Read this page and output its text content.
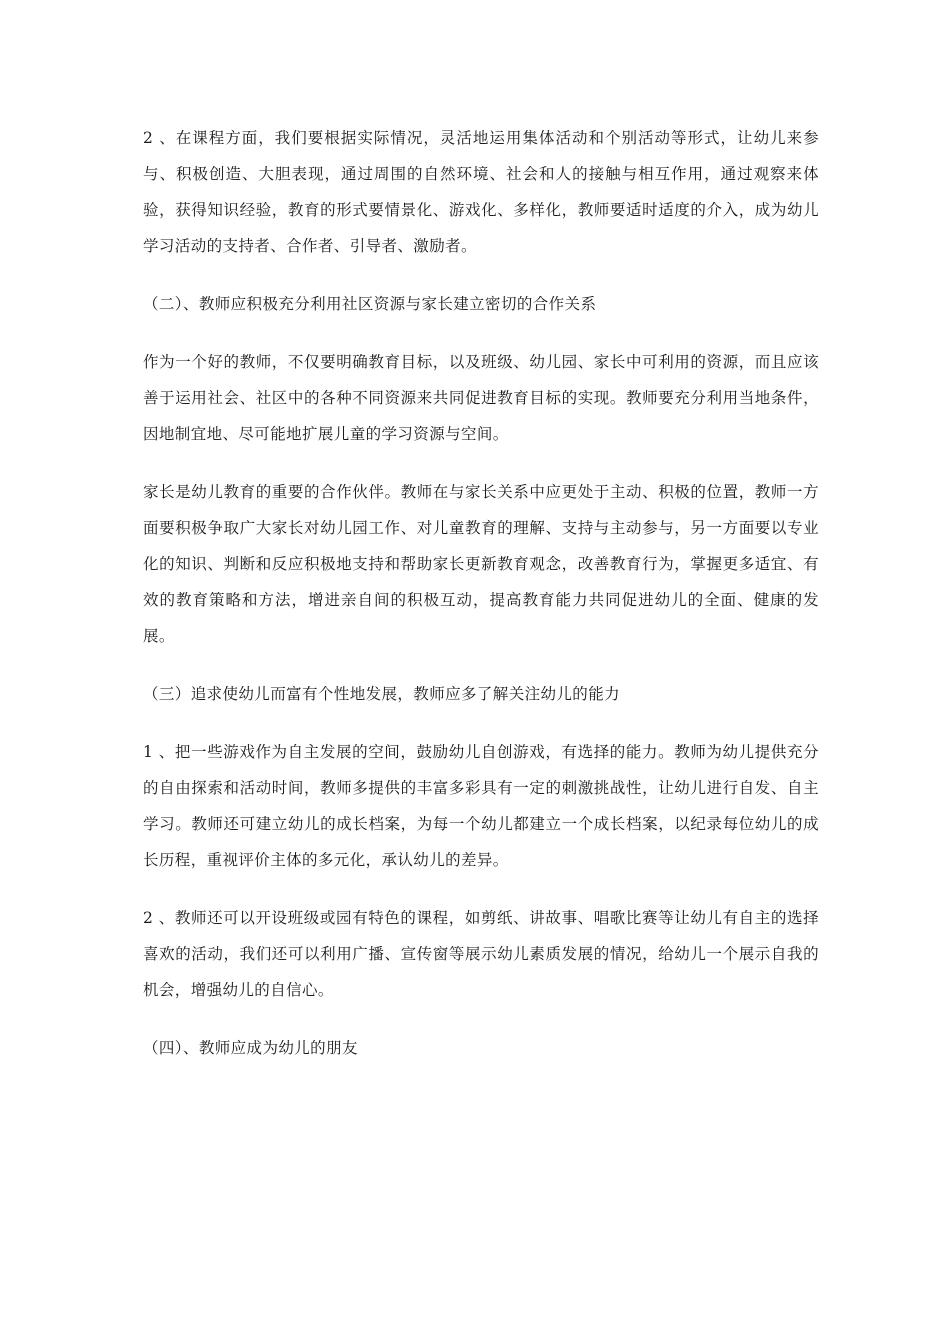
2 、在课程方面，我们要根据实际情况，灵活地运用集体活动和个别活动等形式，让幼儿来参与、积极创造、大胆表现，通过周围的自然环境、社会和人的接触与相互作用，通过观察来体验，获得知识经验，教育的形式要情景化、游戏化、多样化，教师要适时适度的介入，成为幼儿学习活动的支持者、合作者、引导者、激励者。

（二）、教师应积极充分利用社区资源与家长建立密切的合作关系

作为一个好的教师，不仅要明确教育目标，以及班级、幼儿园、家长中可利用的资源，而且应该善于运用社会、社区中的各种不同资源来共同促进教育目标的实现。教师要充分利用当地条件，因地制宜地、尽可能地扩展儿童的学习资源与空间。

家长是幼儿教育的重要的合作伙伴。教师在与家长关系中应更处于主动、积极的位置，教师一方面要积极争取广大家长对幼儿园工作、对儿童教育的理解、支持与主动参与，另一方面要以专业化的知识、判断和反应积极地支持和帮助家长更新教育观念，改善教育行为，掌握更多适宜、有效的教育策略和方法，增进亲自间的积极互动，提高教育能力共同促进幼儿的全面、健康的发展。

（三）追求使幼儿而富有个性地发展，教师应多了解关注幼儿的能力

1 、把一些游戏作为自主发展的空间，鼓励幼儿自创游戏，有选择的能力。教师为幼儿提供充分的自由探索和活动时间，教师多提供的丰富多彩具有一定的刺激挑战性，让幼儿进行自发、自主学习。教师还可建立幼儿的成长档案，为每一个幼儿都建立一个成长档案，以纪录每位幼儿的成长历程，重视评价主体的多元化，承认幼儿的差异。

2 、教师还可以开设班级或园有特色的课程，如剪纸、讲故事、唱歌比赛等让幼儿有自主的选择喜欢的活动，我们还可以利用广播、宣传窗等展示幼儿素质发展的情况，给幼儿一个展示自我的机会，增强幼儿的自信心。

（四）、教师应成为幼儿的朋友
